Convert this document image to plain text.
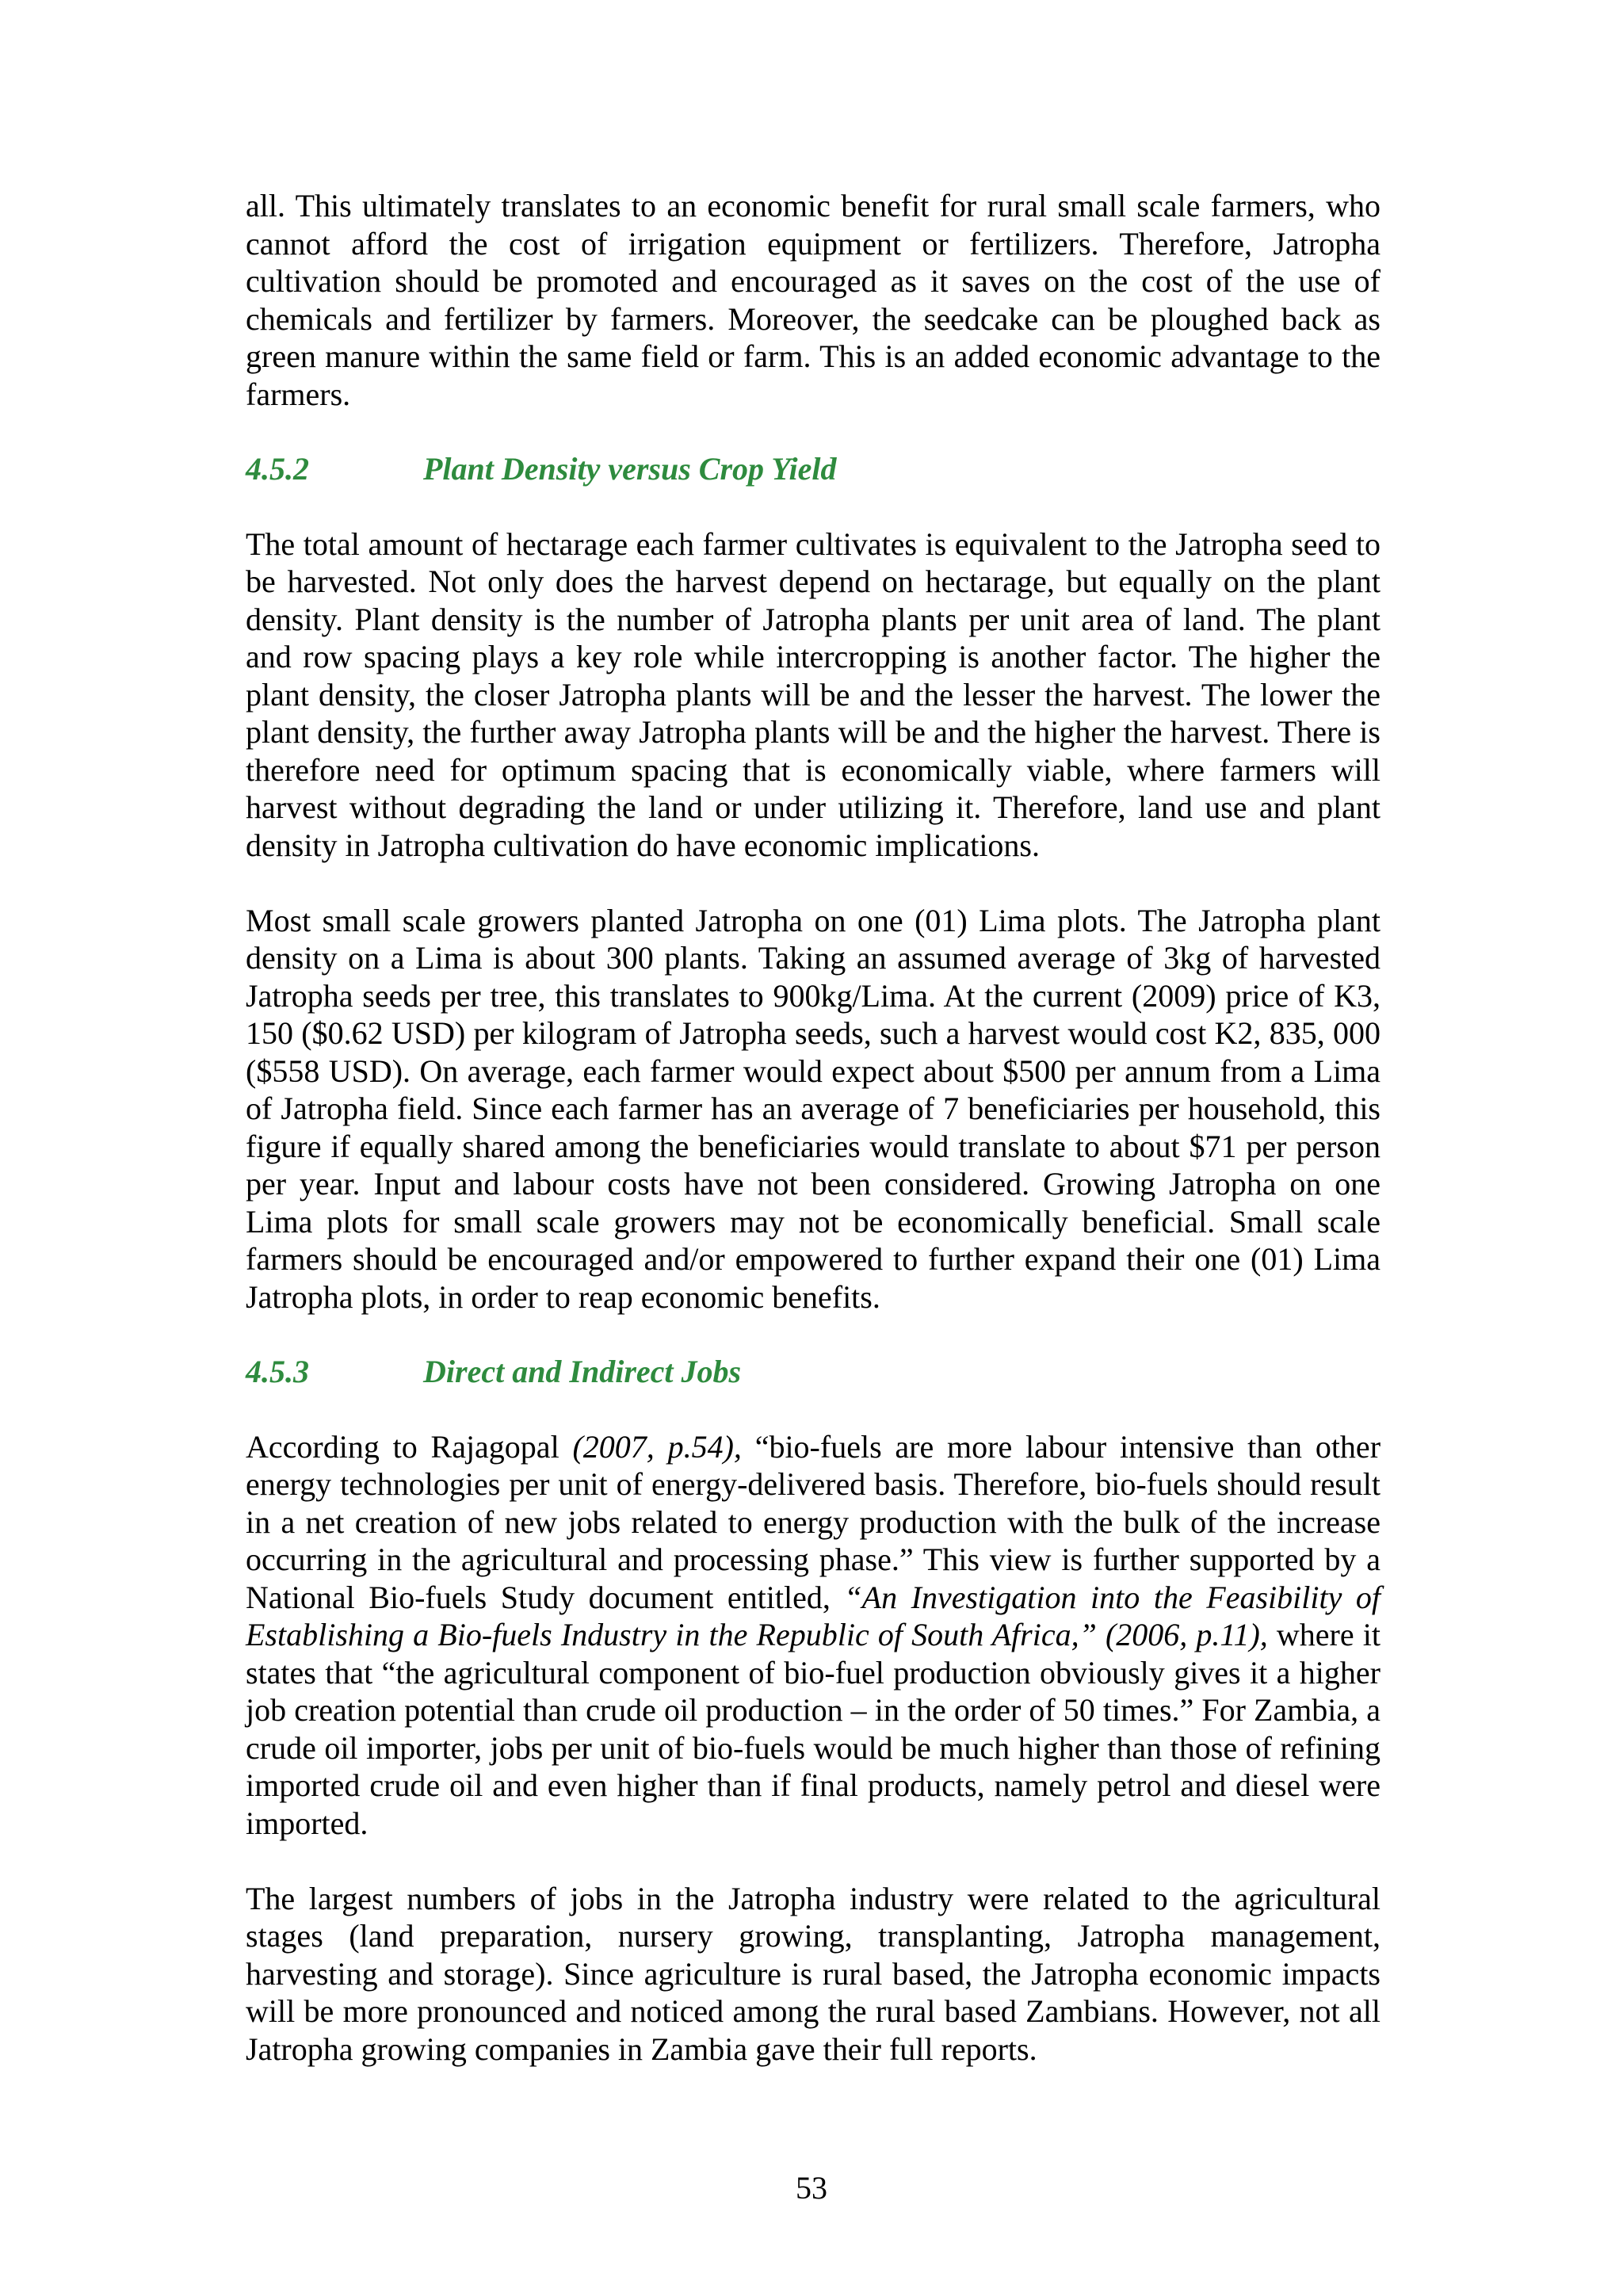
all. This ultimately translates to an economic benefit for rural small scale farmers, who cannot afford the cost of irrigation equipment or fertilizers. Therefore, Jatropha cultivation should be promoted and encouraged as it saves on the cost of the use of chemicals and fertilizer by farmers. Moreover, the seedcake can be ploughed back as green manure within the same field or farm. This is an added economic advantage to the farmers.

4.5.2	Plant Density versus Crop Yield

The total amount of hectarage each farmer cultivates is equivalent to the Jatropha seed to be harvested. Not only does the harvest depend on hectarage, but equally on the plant density. Plant density is the number of Jatropha plants per unit area of land. The plant and row spacing plays a key role while intercropping is another factor. The higher the plant density, the closer Jatropha plants will be and the lesser the harvest. The lower the plant density, the further away Jatropha plants will be and the higher the harvest. There is therefore need for optimum spacing that is economically viable, where farmers will harvest without degrading the land or under utilizing it. Therefore, land use and plant density in Jatropha cultivation do have economic implications.

Most small scale growers planted Jatropha on one (01) Lima plots. The Jatropha plant density on a Lima is about 300 plants. Taking an assumed average of 3kg of harvested Jatropha seeds per tree, this translates to 900kg/Lima. At the current (2009) price of K3, 150 ($0.62 USD) per kilogram of Jatropha seeds, such a harvest would cost K2, 835, 000 ($558 USD). On average, each farmer would expect about $500 per annum from a Lima of Jatropha field. Since each farmer has an average of 7 beneficiaries per household, this figure if equally shared among the beneficiaries would translate to about $71 per person per year. Input and labour costs have not been considered. Growing Jatropha on one Lima plots for small scale growers may not be economically beneficial. Small scale farmers should be encouraged and/or empowered to further expand their one (01) Lima Jatropha plots, in order to reap economic benefits.

4.5.3	Direct and Indirect Jobs

According to Rajagopal (2007, p.54), “bio-fuels are more labour intensive than other energy technologies per unit of energy-delivered basis. Therefore, bio-fuels should result in a net creation of new jobs related to energy production with the bulk of the increase occurring in the agricultural and processing phase.” This view is further supported by a National Bio-fuels Study document entitled, “An Investigation into the Feasibility of Establishing a Bio-fuels Industry in the Republic of South Africa,” (2006, p.11), where it states that “the agricultural component of bio-fuel production obviously gives it a higher job creation potential than crude oil production – in the order of 50 times.” For Zambia, a crude oil importer, jobs per unit of bio-fuels would be much higher than those of refining imported crude oil and even higher than if final products, namely petrol and diesel were imported.

The largest numbers of jobs in the Jatropha industry were related to the agricultural stages (land preparation, nursery growing, transplanting, Jatropha management, harvesting and storage). Since agriculture is rural based, the Jatropha economic impacts will be more pronounced and noticed among the rural based Zambians. However, not all Jatropha growing companies in Zambia gave their full reports.

53
